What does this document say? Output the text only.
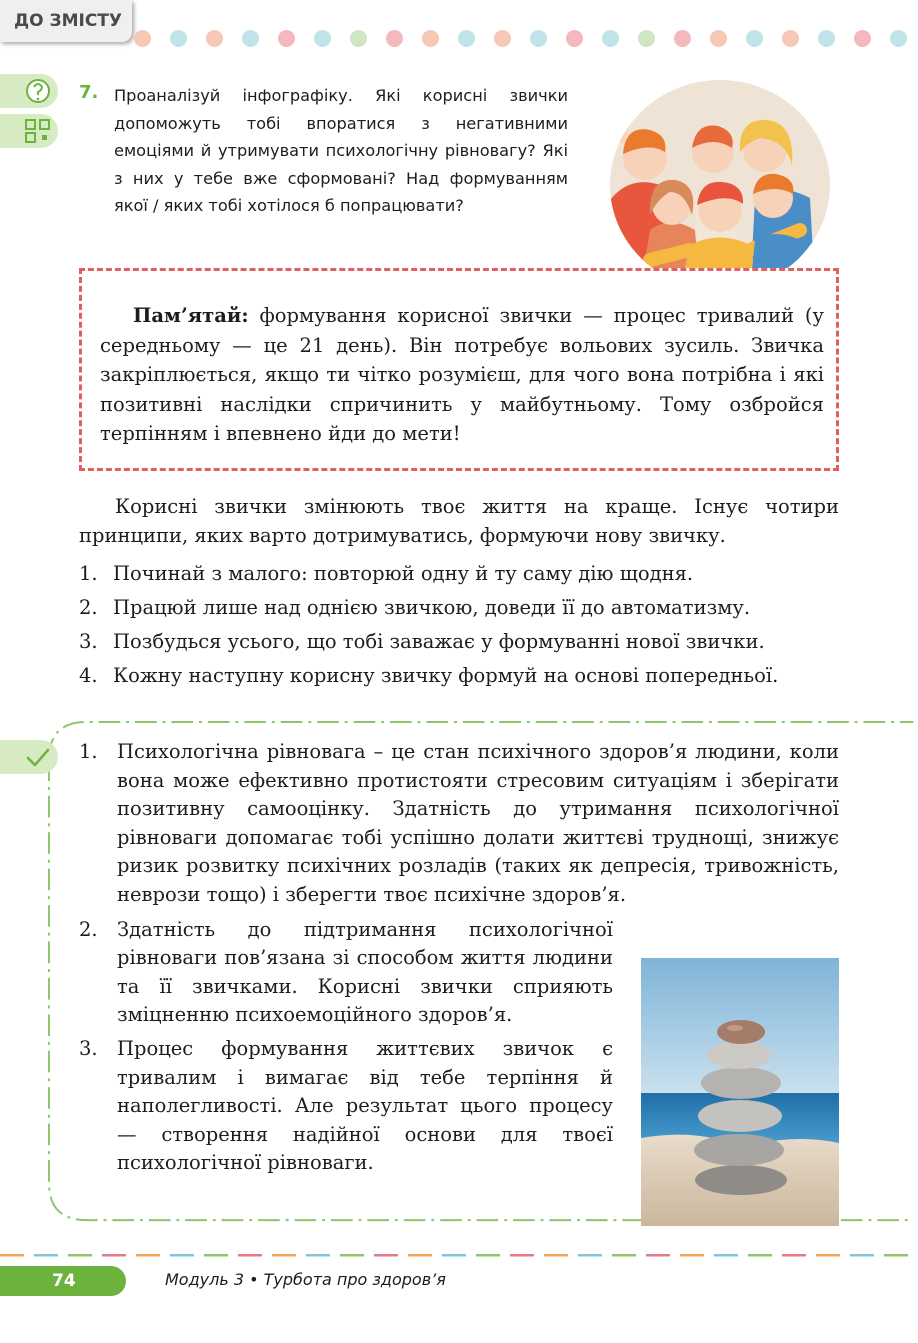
ДО ЗМІСТУ
7. Проаналізуй інфографіку. Які корисні звички допоможуть тобі впоратися з негативними емоціями й утримувати психологічну рівновагу? Які з них у тебе вже сформовані? Над формуванням якої / яких тобі хотілося б попрацювати?

Пам’ятай: формування корисної звички — процес тривалий (у середньому — це 21 день). Він потребує вольових зусиль. Звичка закріплюється, якщо ти чітко розумієш, для чого вона потрібна і які позитивні наслідки спричинить у майбутньому. Тому озбройся терпінням і впевнено йди до мети!

Корисні звички змінюють твоє життя на краще. Існує чотири принципи, яких варто дотримуватись, формуючи нову звичку.

1. Починай з малого: повторюй одну й ту саму дію щодня.
2. Працюй лише над однією звичкою, доведи її до автоматизму.
3. Позбудься усього, що тобі заважає у формуванні нової звички.
4. Кожну наступну корисну звичку формуй на основі попередньої.
1. Психологічна рівновага – це стан психічного здоров’я людини, коли вона може ефективно протистояти стресовим ситуаціям і зберігати позитивну самооцінку. Здатність до утримання психологічної рівноваги допомагає тобі успішно долати життєві труднощі, знижує ризик розвитку психічних розладів (таких як депресія, тривожність, неврози тощо) і зберегти твоє психічне здоров’я.
2. Здатність до підтримання психологічної рівноваги пов’язана зі способом життя людини та її звичками. Корисні звички сприяють зміцненню психоемоційного здоров’я.
3. Процес формування життєвих звичок є тривалим і вимагає від тебе терпіння й наполегливості. Але результат цього процесу — створення надійної основи для твоєї психологічної рівноваги.
74	Модуль 3 • Турбота про здоров’я
